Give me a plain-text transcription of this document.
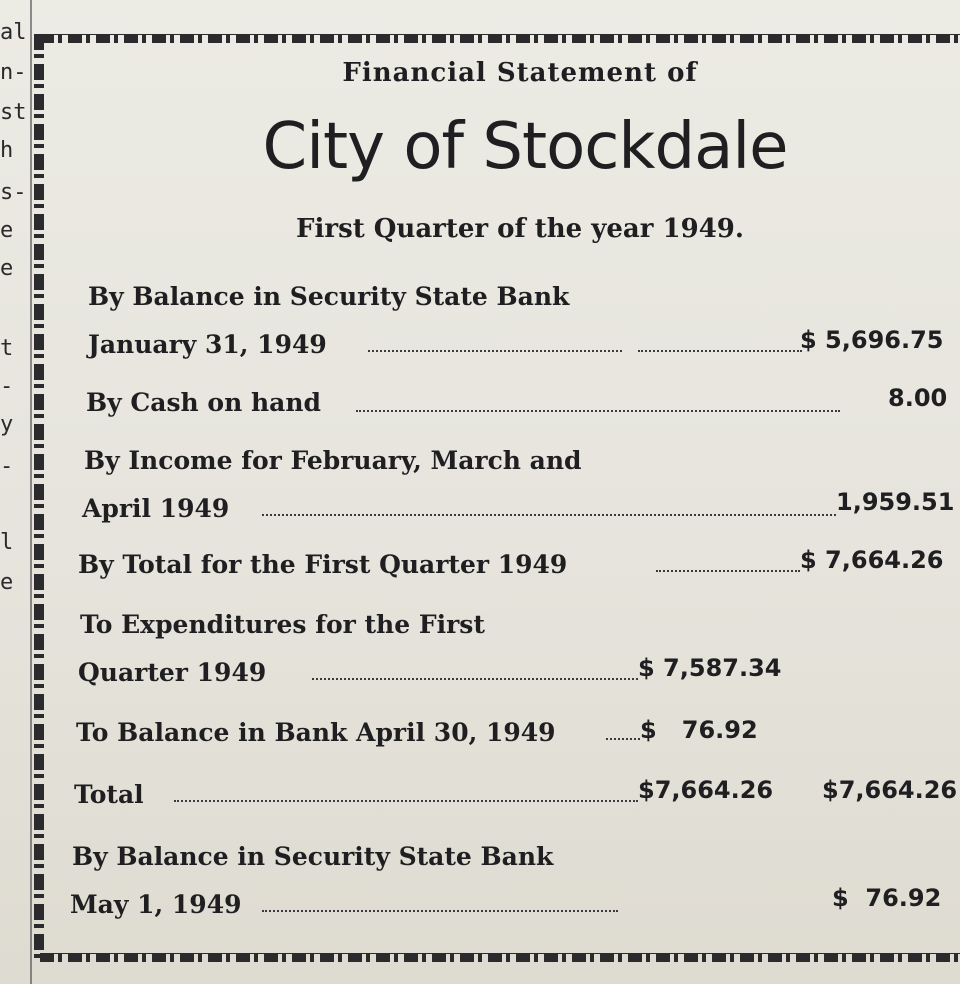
al
n-
st
h
s-
e
e
t
-
y
-
l
e
Financial Statement of
City of Stockdale
First Quarter of the year 1949.
By Balance in Security State Bank
January 31, 1949	$ 5,696.75
By Cash on hand	8.00
By Income for February, March and
April 1949	1,959.51
By Total for the First Quarter 1949	$ 7,664.26
To Expenditures for the First
Quarter 1949	$ 7,587.34
To Balance in Bank April 30, 1949	$   76.92
Total	$7,664.26 $7,664.26
By Balance in Security State Bank
May 1, 1949	$  76.92
